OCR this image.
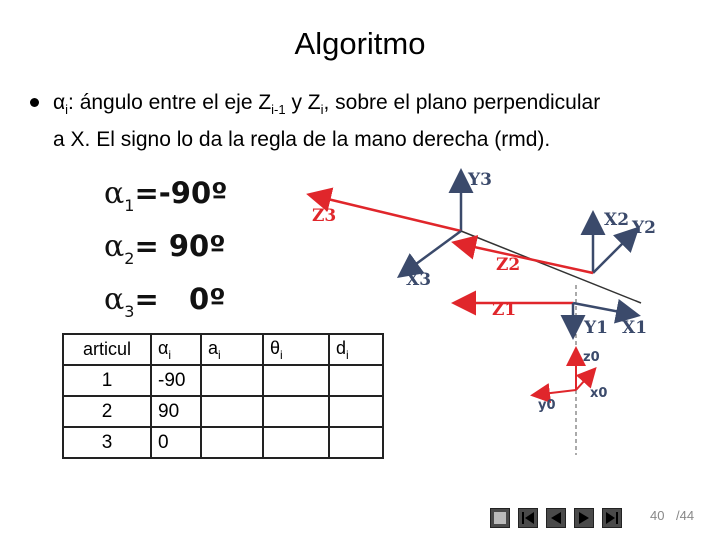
Algoritmo
$\alpha_i$: ángulo entre el eje $Z_{i-1}$ y $Z_i$, sobre el plano perpendicular
a X. El signo lo da la regla de la mano derecha (rmd).
Y3
Z3
X3
X2 Y2
Z2
Z1
Y1 X1
z0
x0
y0
$\alpha_1=-90º$
$\alpha_2=$ 90º
$\alpha_3=$   0º
articul	$\alpha_i$	$a_i$	$\theta_i$	$d_i$
1	-90			
2	90			
3	0			
40 /44
